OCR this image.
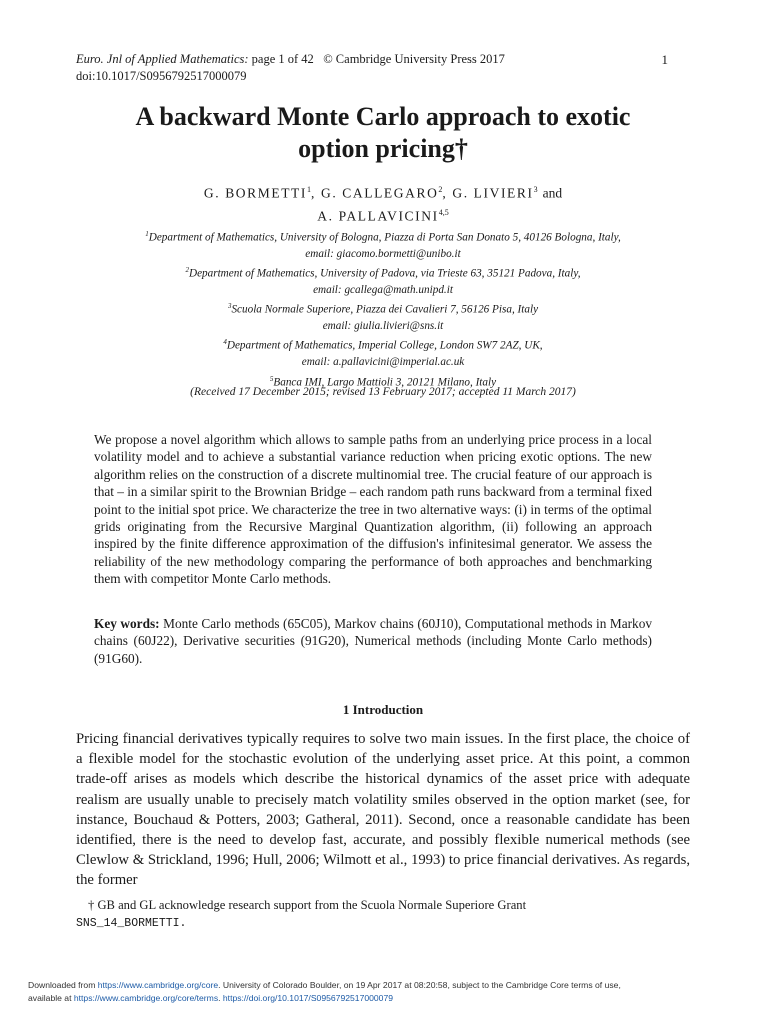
Euro. Jnl of Applied Mathematics: page 1 of 42 © Cambridge University Press 2017
doi:10.1017/S0956792517000079
1
A backward Monte Carlo approach to exotic
option pricing†
G. BORMETTI$^1$, G. CALLEGARO$^2$, G. LIVIERI$^3$ and
A. PALLAVICINI$^{4,5}$
$^1$Department of Mathematics, University of Bologna, Piazza di Porta San Donato 5, 40126 Bologna, Italy,
email: giacomo.bormetti@unibo.it
$^2$Department of Mathematics, University of Padova, via Trieste 63, 35121 Padova, Italy,
email: gcallega@math.unipd.it
$^3$Scuola Normale Superiore, Piazza dei Cavalieri 7, 56126 Pisa, Italy
email: giulia.livieri@sns.it
$^4$Department of Mathematics, Imperial College, London SW7 2AZ, UK,
email: a.pallavicini@imperial.ac.uk
$^5$Banca IMI, Largo Mattioli 3, 20121 Milano, Italy
(Received 17 December 2015; revised 13 February 2017; accepted 11 March 2017)
We propose a novel algorithm which allows to sample paths from an underlying price process in a local volatility model and to achieve a substantial variance reduction when pricing exotic options. The new algorithm relies on the construction of a discrete multinomial tree. The crucial feature of our approach is that – in a similar spirit to the Brownian Bridge – each random path runs backward from a terminal fixed point to the initial spot price. We characterize the tree in two alternative ways: (i) in terms of the optimal grids originating from the Recursive Marginal Quantization algorithm, (ii) following an approach inspired by the finite difference approximation of the diffusion's infinitesimal generator. We assess the reliability of the new methodology comparing the performance of both approaches and benchmarking them with competitor Monte Carlo methods.
Key words: Monte Carlo methods (65C05), Markov chains (60J10), Computational methods in Markov chains (60J22), Derivative securities (91G20), Numerical methods (including Monte Carlo methods) (91G60).
1 Introduction
Pricing financial derivatives typically requires to solve two main issues. In the first place, the choice of a flexible model for the stochastic evolution of the underlying asset price. At this point, a common trade-off arises as models which describe the historical dynamics of the asset price with adequate realism are usually unable to precisely match volatility smiles observed in the option market (see, for instance, Bouchaud & Potters, 2003; Gatheral, 2011). Second, once a reasonable candidate has been identified, there is the need to develop fast, accurate, and possibly flexible numerical methods (see Clewlow & Strickland, 1996; Hull, 2006; Wilmott et al., 1993) to price financial derivatives. As regards, the former
† GB and GL acknowledge research support from the Scuola Normale Superiore Grant
SNS_14_BORMETTI.
Downloaded from https://www.cambridge.org/core. University of Colorado Boulder, on 19 Apr 2017 at 08:20:58, subject to the Cambridge Core terms of use,
available at https://www.cambridge.org/core/terms. https://doi.org/10.1017/S0956792517000079
